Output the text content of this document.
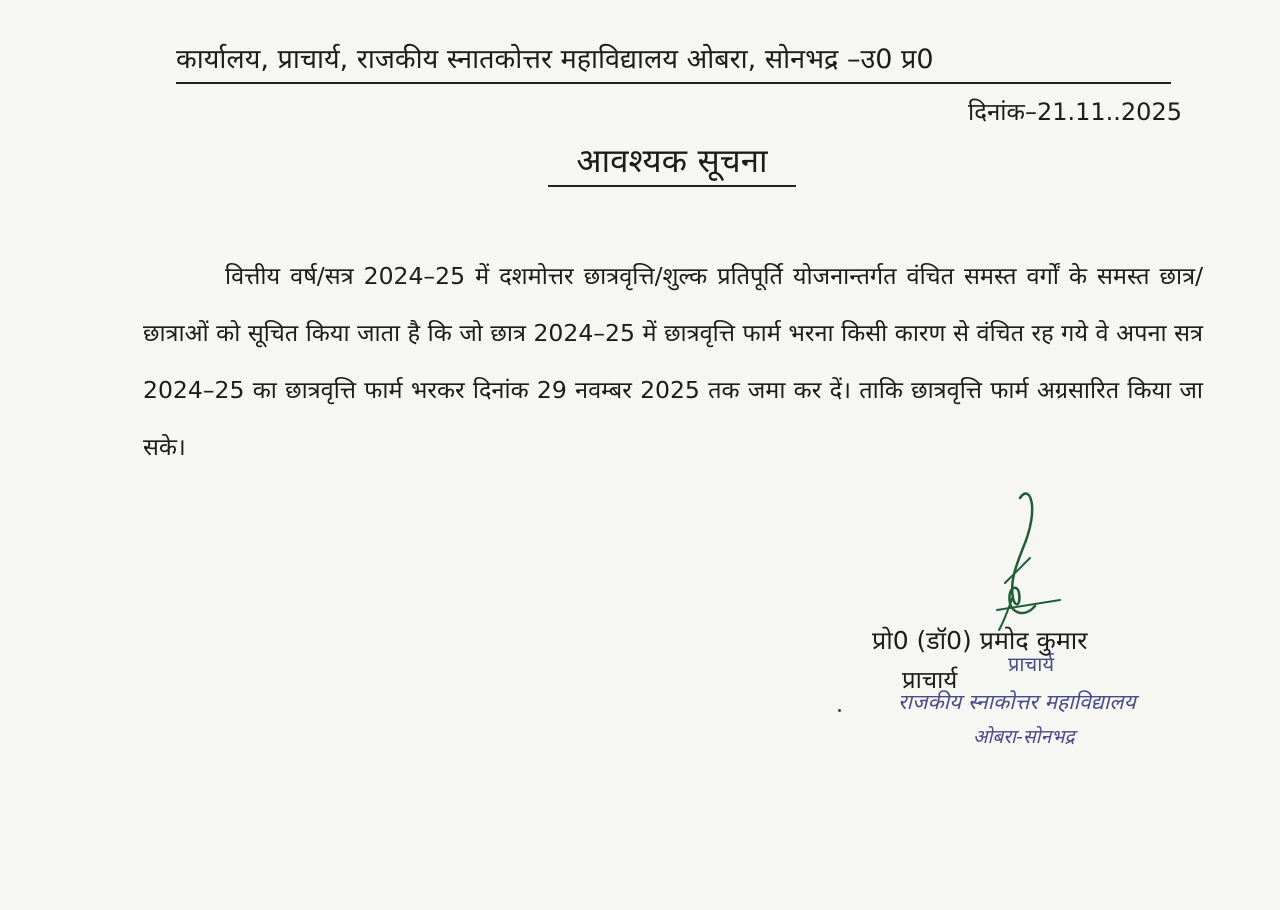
कार्यालय, प्राचार्य, राजकीय स्नातकोत्तर महाविद्यालय ओबरा, सोनभद्र –उ0 प्र0
दिनांक–21.11..2025
आवश्यक सूचना
वित्तीय वर्ष/सत्र 2024–25 में दशमोत्तर छात्रवृत्ति/शुल्क प्रतिपूर्ति योजनान्तर्गत वंचित समस्त वर्गों के समस्त छात्र/छात्राओं को सूचित किया जाता है कि जो छात्र 2024–25 में छात्रवृत्ति फार्म भरना किसी कारण से वंचित रह गये वे अपना सत्र 2024–25 का छात्रवृत्ति फार्म भरकर दिनांक 29 नवम्बर 2025 तक जमा कर दें। ताकि छात्रवृत्ति फार्म अग्रसारित किया जा सके।
प्रो0 (डॉ0) प्रमोद कुमार
प्राचार्य
प्राचार्य
राजकीय स्नाकोत्तर महाविद्यालय
ओबरा-सोनभद्र
